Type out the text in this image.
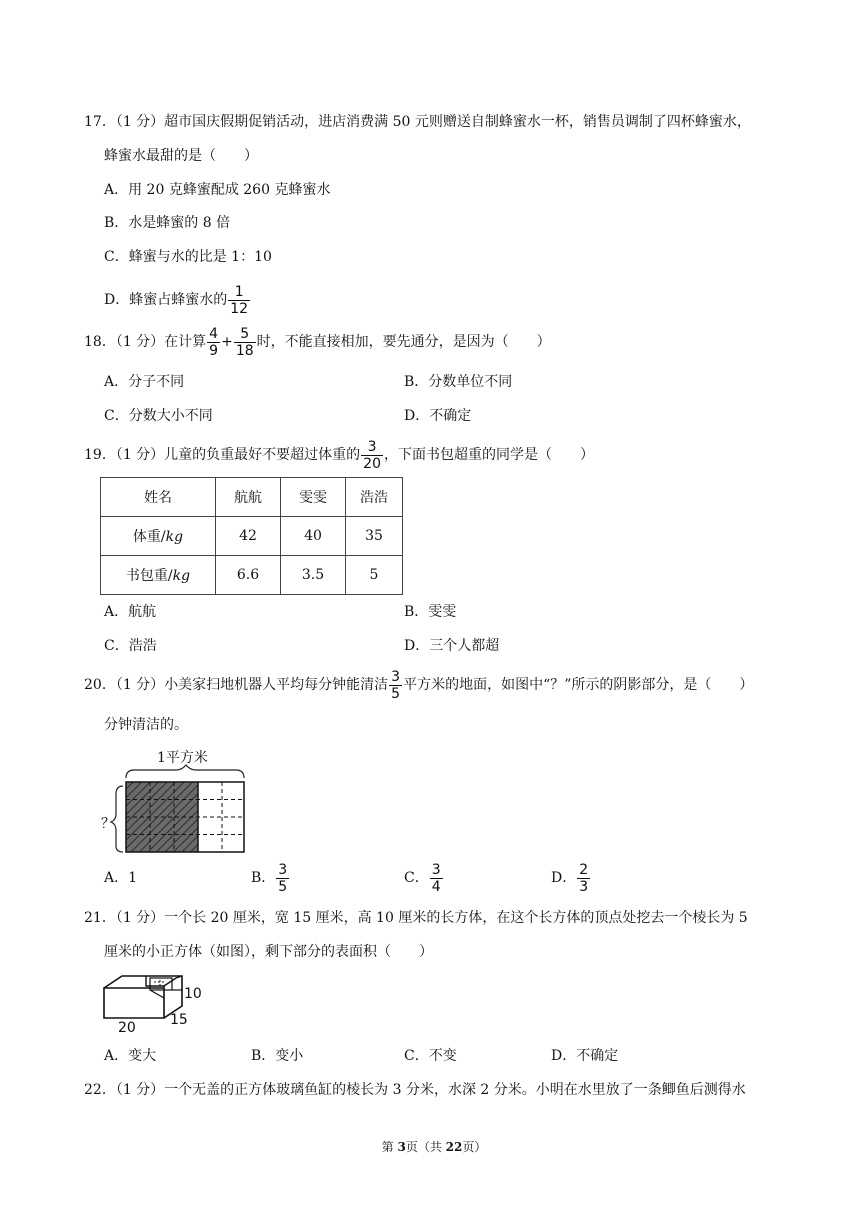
17．（1 分）超市国庆假期促销活动，进店消费满 50 元则赠送自制蜂蜜水一杯，销售员调制了四杯蜂蜜水，
蜂蜜水最甜的是（　　）
A．用 20 克蜂蜜配成 260 克蜂蜜水
B．水是蜂蜜的 8 倍
C．蜂蜜与水的比是 1：10
D．蜂蜜占蜂蜜水的 $\frac{1}{12}$
18．（1 分）在计算 $\frac{4}{9} + \frac{5}{18}$ 时，不能直接相加，要先通分，是因为（　　）
A．分子不同	B．分数单位不同
C．分数大小不同	D．不确定
19．（1 分）儿童的负重最好不要超过体重的 $\frac{3}{20}$ ，下面书包超重的同学是（　　）
姓名	航航	雯雯	浩浩
体重/kg	42	40	35
书包重/kg	6.6	3.5	5
A．航航	B．雯雯
C．浩浩	D．三个人都超
20．（1 分）小美家扫地机器人平均每分钟能清洁 $\frac{3}{5}$ 平方米的地面，如图中“？”所示的阴影部分，是（　　）
分钟清洁的。
1平方米
？
A．1	B． $\frac{3}{5}$	C． $\frac{3}{4}$	D． $\frac{2}{3}$
21．（1 分）一个长 20 厘米，宽 15 厘米，高 10 厘米的长方体，在这个长方体的顶点处挖去一个棱长为 5
厘米的小正方体（如图），剩下部分的表面积（　　）
10
15
20
A．变大	B．变小	C．不变	D．不确定
22．（1 分）一个无盖的正方体玻璃鱼缸的棱长为 3 分米，水深 2 分米。小明在水里放了一条鲫鱼后测得水
第 3页（共 22页）
